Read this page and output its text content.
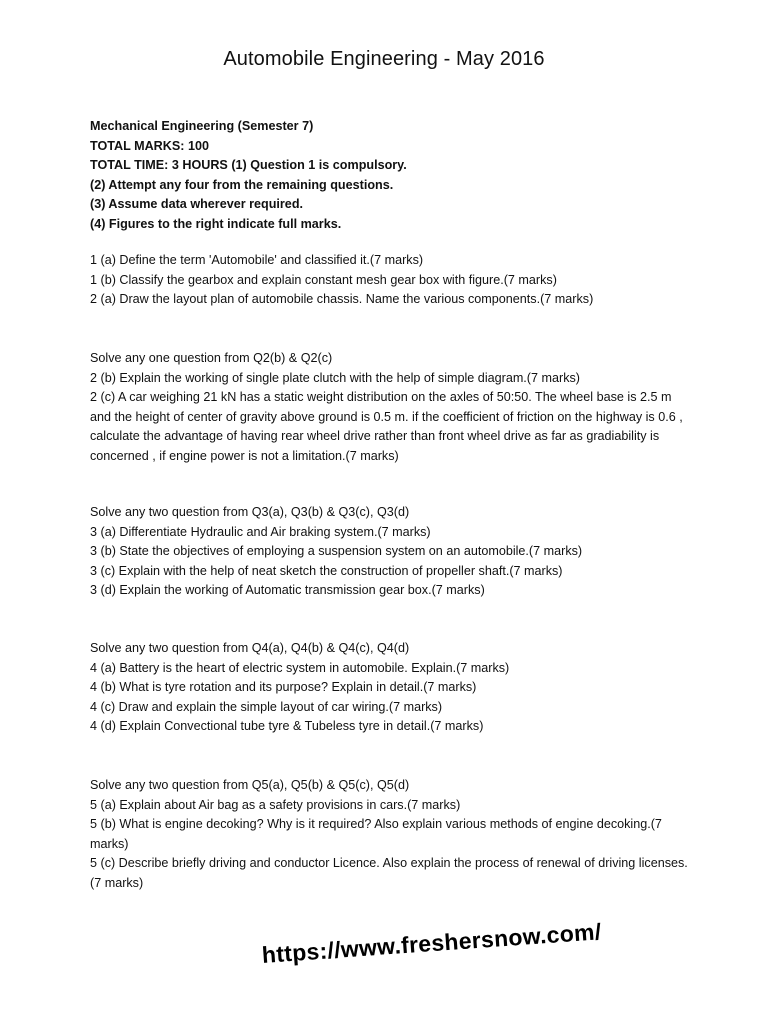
Automobile Engineering - May 2016
Mechanical Engineering (Semester 7)
TOTAL MARKS: 100
TOTAL TIME: 3 HOURS (1) Question 1 is compulsory.
(2) Attempt any four from the remaining questions.
(3) Assume data wherever required.
(4) Figures to the right indicate full marks.
1 (a) Define the term 'Automobile' and classified it.(7 marks)
1 (b) Classify the gearbox and explain constant mesh gear box with figure.(7 marks)
2 (a) Draw the layout plan of automobile chassis. Name the various components.(7 marks)
Solve any one question from Q2(b) & Q2(c)
2 (b) Explain the working of single plate clutch with the help of simple diagram.(7 marks)
2 (c) A car weighing 21 kN has a static weight distribution on the axles of 50:50. The wheel base is 2.5 m and the height of center of gravity above ground is 0.5 m. if the coefficient of friction on the highway is 0.6 , calculate the advantage of having rear wheel drive rather than front wheel drive as far as gradiability is concerned , if engine power is not a limitation.(7 marks)
Solve any two question from Q3(a), Q3(b) & Q3(c), Q3(d)
3 (a) Differentiate Hydraulic and Air braking system.(7 marks)
3 (b) State the objectives of employing a suspension system on an automobile.(7 marks)
3 (c) Explain with the help of neat sketch the construction of propeller shaft.(7 marks)
3 (d) Explain the working of Automatic transmission gear box.(7 marks)
Solve any two question from Q4(a), Q4(b) & Q4(c), Q4(d)
4 (a) Battery is the heart of electric system in automobile. Explain.(7 marks)
4 (b) What is tyre rotation and its purpose? Explain in detail.(7 marks)
4 (c) Draw and explain the simple layout of car wiring.(7 marks)
4 (d) Explain Convectional tube tyre & Tubeless tyre in detail.(7 marks)
Solve any two question from Q5(a), Q5(b) & Q5(c), Q5(d)
5 (a) Explain about Air bag as a safety provisions in cars.(7 marks)
5 (b) What is engine decoking? Why is it required? Also explain various methods of engine decoking.(7 marks)
5 (c) Describe briefly driving and conductor Licence. Also explain the process of renewal of driving licenses.(7 marks)
https://www.freshersnow.com/
